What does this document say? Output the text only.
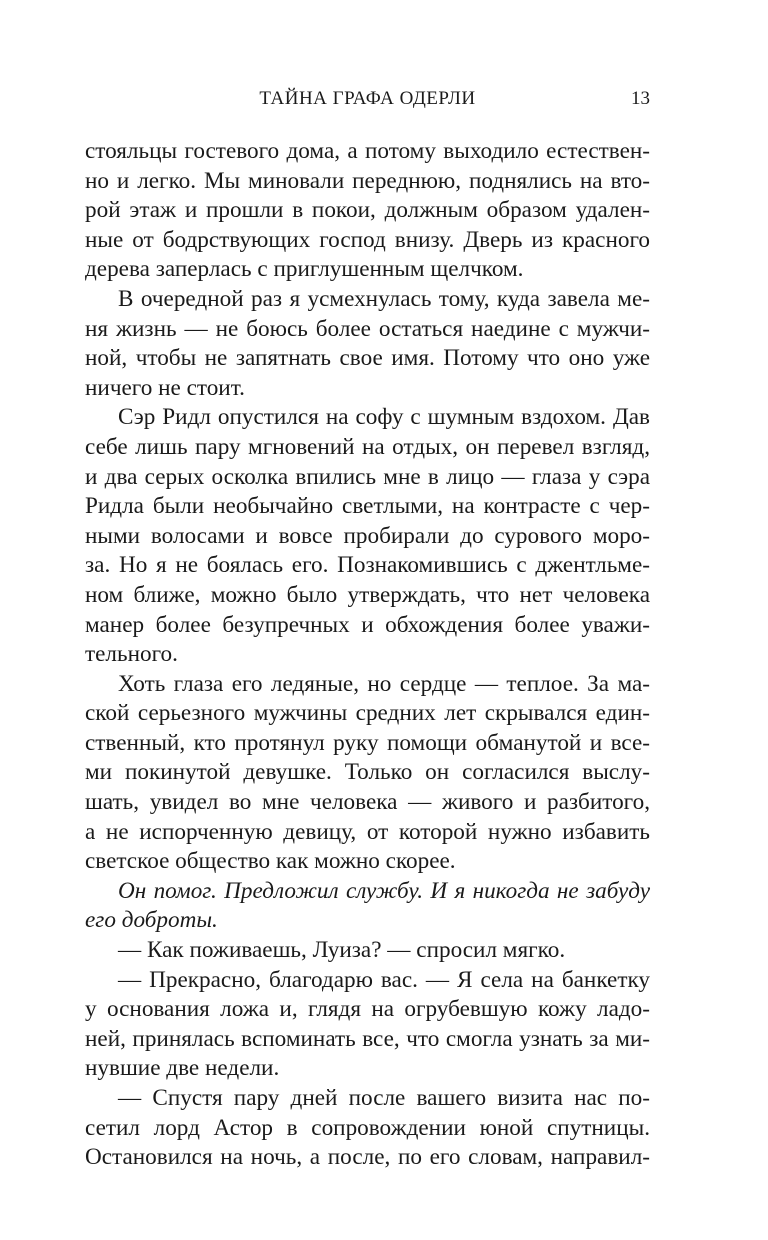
ТАЙНА ГРАФА ОДЕРЛИ	13
стояльцы гостевого дома, а потому выходило естествен-
но и легко. Мы миновали переднюю, поднялись на вто-
рой этаж и прошли в покои, должным образом удален-
ные от бодрствующих господ внизу. Дверь из красного
дерева заперлась с приглушенным щелчком.
В очередной раз я усмехнулась тому, куда завела ме-
ня жизнь — не боюсь более остаться наедине с мужчи-
ной, чтобы не запятнать свое имя. Потому что оно уже
ничего не стоит.
Сэр Ридл опустился на софу с шумным вздохом. Дав
себе лишь пару мгновений на отдых, он перевел взгляд,
и два серых осколка впились мне в лицо — глаза у сэра
Ридла были необычайно светлыми, на контрасте с чер-
ными волосами и вовсе пробирали до сурового моро-
за. Но я не боялась его. Познакомившись с джентльме-
ном ближе, можно было утверждать, что нет человека
манер более безупречных и обхождения более уважи-
тельного.
Хоть глаза его ледяные, но сердце — теплое. За ма-
ской серьезного мужчины средних лет скрывался един-
ственный, кто протянул руку помощи обманутой и все-
ми покинутой девушке. Только он согласился выслу-
шать, увидел во мне человека — живого и разбитого,
а не испорченную девицу, от которой нужно избавить
светское общество как можно скорее.
Он помог. Предложил службу. И я никогда не забуду
его доброты.
— Как поживаешь, Луиза? — спросил мягко.
— Прекрасно, благодарю вас. — Я села на банкетку
у основания ложа и, глядя на огрубевшую кожу ладо-
ней, принялась вспоминать все, что смогла узнать за ми-
нувшие две недели.
— Спустя пару дней после вашего визита нас по-
сетил лорд Астор в сопровождении юной спутницы.
Остановился на ночь, а после, по его словам, направил-
